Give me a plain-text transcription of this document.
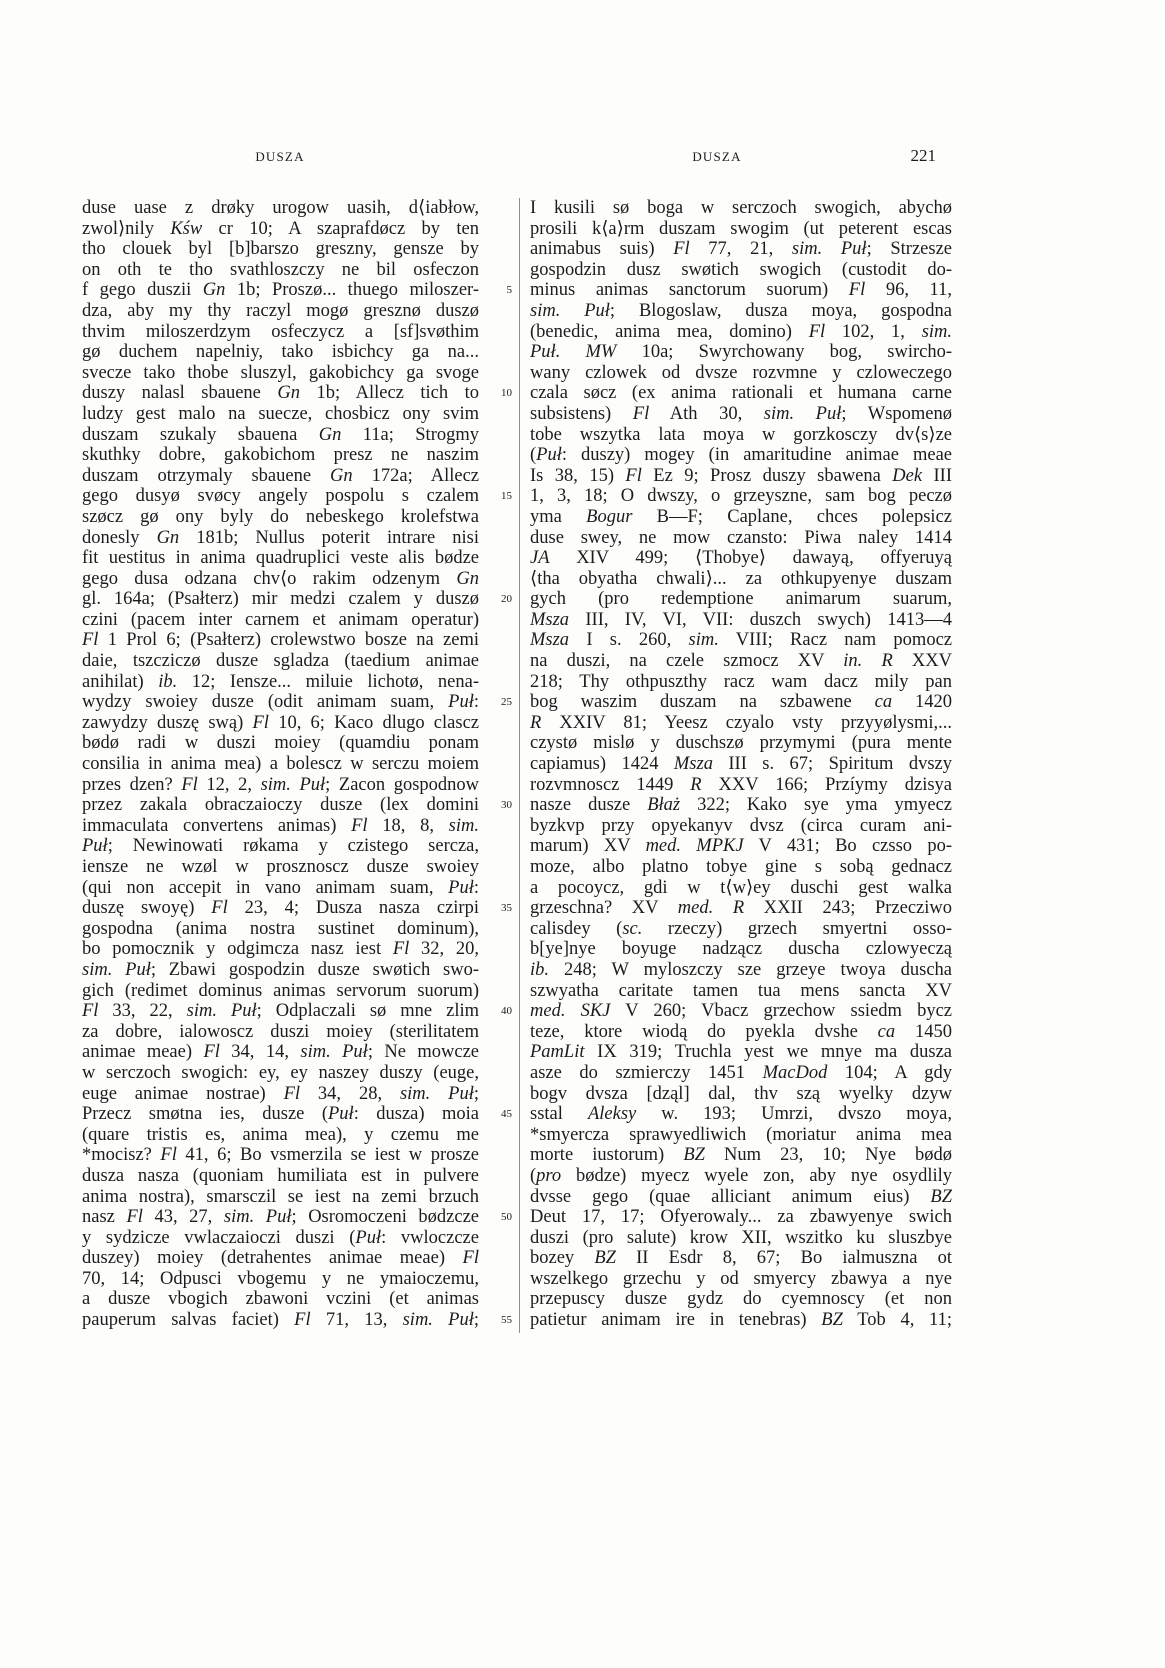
DUSZA	DUSZA	221
duse uase z drøky urogow uasih, d⟨iabłow,
zwol⟩nily Kśw cr 10; A szaprafdøcz by ten
tho clouek byl [b]barszo greszny, gensze by
on oth te tho svathloszczy ne bil osfeczon
f gego duszii Gn 1b; Proszø... thuego miloszer-
dza, aby my thy raczyl mogø gresznø duszø
thvim miloszerdzym osfeczycz a [sf]svøthim
gø duchem napelniy, tako isbichcy ga na...
svecze tako thobe sluszyl, gakobichcy ga svoge
duszy nalasl sbauene Gn 1b; Allecz tich to
ludzy gest malo na suecze, chosbicz ony svim
duszam szukaly sbauena Gn 11a; Strogmy
skuthky dobre, gakobichom presz ne naszim
duszam otrzymaly sbauene Gn 172a; Allecz
gego dusyø svøcy angely pospolu s czalem
szøcz gø ony byly do nebeskego krolefstwa
donesly Gn 181b; Nullus poterit intrare nisi
fit uestitus in anima quadruplici veste alis bødze
gego dusa odzana chv⟨o rakim odzenym Gn
gl. 164a; (Psałterz) mir medzi czalem y duszø
czini (pacem inter carnem et animam operatur)
Fl 1 Prol 6; (Psałterz) crolewstwo bosze na zemi
daie, tszcziczø dusze sgladza (taedium animae
anihilat) ib. 12; Iensze... miluie lichotø, nena-
wydzy swoiey dusze (odit animam suam, Puł:
zawydzy duszę swą) Fl 10, 6; Kaco dlugo clascz
bødø radi w duszi moiey (quamdiu ponam
consilia in anima mea) a bolescz w serczu moiem
przes dzen? Fl 12, 2, sim. Puł; Zacon gospodnow
przez zakala obraczaioczy dusze (lex domini
immaculata convertens animas) Fl 18, 8, sim.
Puł; Newinowati røkama y czistego sercza,
iensze ne wzøl w prosznoscz dusze swoiey
(qui non accepit in vano animam suam, Puł:
duszę swoyę) Fl 23, 4; Dusza nasza czirpi
gospodna (anima nostra sustinet dominum),
bo pomocznik y odgimcza nasz iest Fl 32, 20,
sim. Puł; Zbawi gospodzin dusze swøtich swo-
gich (redimet dominus animas servorum suorum)
Fl 33, 22, sim. Puł; Odplaczali sø mne zlim
za dobre, ialowoscz duszi moiey (sterilitatem
animae meae) Fl 34, 14, sim. Puł; Ne mowcze
w serczoch swogich: ey, ey naszey duszy (euge,
euge animae nostrae) Fl 34, 28, sim. Puł;
Przecz smøtna ies, dusze (Puł: dusza) moia
(quare tristis es, anima mea), y czemu me
*mocisz? Fl 41, 6; Bo vsmerzila se iest w prosze
dusza nasza (quoniam humiliata est in pulvere
anima nostra), smarsczil se iest na zemi brzuch
nasz Fl 43, 27, sim. Puł; Osromoczeni bødzcze
y sydzicze vwlaczaioczi duszi (Puł: vwloczcze
duszey) moiey (detrahentes animae meae) Fl
70, 14; Odpusci vbogemu y ne ymaioczemu,
a dusze vbogich zbawoni vczini (et animas
pauperum salvas faciet) Fl 71, 13, sim. Puł;
5
10
15
20
25
30
35
40
45
50
55
I kusili sø boga w serczoch swogich, abychø
prosili k⟨a⟩rm duszam swogim (ut peterent escas
animabus suis) Fl 77, 21, sim. Puł; Strzesze
gospodzin dusz swøtich swogich (custodit do-
minus animas sanctorum suorum) Fl 96, 11,
sim. Puł; Blogoslaw, dusza moya, gospodna
(benedic, anima mea, domino) Fl 102, 1, sim.
Puł. MW 10a; Swyrchowany bog, swircho-
wany czlowek od dvsze rozvmne y czloweczego
czala søcz (ex anima rationali et humana carne
subsistens) Fl Ath 30, sim. Puł; Wspomenø
tobe wszytka lata moya w gorzkosczy dv⟨s⟩ze
(Puł: duszy) mogey (in amaritudine animae meae
Is 38, 15) Fl Ez 9; Prosz duszy sbawena Dek III
1, 3, 18; O dwszy, o grzeyszne, sam bog peczø
yma Bogur B—F; Caplane, chces polepsicz
duse swey, ne mow czansto: Piwa naley 1414
JA XIV 499; ⟨Thobye⟩ dawayą, offyeruyą
⟨tha obyatha chwali⟩... za othkupyenye duszam
gych (pro redemptione animarum suarum,
Msza III, IV, VI, VII: duszch swych) 1413—4
Msza I s. 260, sim. VIII; Racz nam pomocz
na duszi, na czele szmocz XV in. R XXV
218; Thy othpuszthy racz wam dacz mily pan
bog waszim duszam na szbawene ca 1420
R XXIV 81; Yeesz czyalo vsty przyyølysmi,...
czystø mislø y duschszø przymymi (pura mente
capiamus) 1424 Msza III s. 67; Spiritum dvszy
rozvmnoscz 1449 R XXV 166; Przíymy dzisya
nasze dusze Błaż 322; Kako sye yma ymyecz
byzkvp przy opyekanyv dvsz (circa curam ani-
marum) XV med. MPKJ V 431; Bo czsso po-
moze, albo platno tobye gine s sobą gednacz
a pocoycz, gdi w t⟨w⟩ey duschi gest walka
grzeschna? XV med. R XXII 243; Przecziwo
calisdey (sc. rzeczy) grzech smyertni osso-
b[ye]nye boyuge nadzącz duscha czlowyeczą
ib. 248; W myloszczy sze grzeye twoya duscha
szwyatha caritate tamen tua mens sancta XV
med. SKJ V 260; Vbacz grzechow ssiedm bycz
teze, ktore wiodą do pyekla dvshe ca 1450
PamLit IX 319; Truchla yest we mnye ma dusza
asze do szmierczy 1451 MacDod 104; A gdy
bogv dvsza [dząl] dal, thv szą wyelky dzyw
sstal Aleksy w. 193; Umrzi, dvszo moya,
*smyercza sprawyedliwich (moriatur anima mea
morte iustorum) BZ Num 23, 10; Nye bødø
(pro bødze) myecz wyele zon, aby nye osydlily
dvsse gego (quae alliciant animum eius) BZ
Deut 17, 17; Ofyerowaly... za zbawyenye swich
duszi (pro salute) krow XII, wszitko ku sluszbye
bozey BZ II Esdr 8, 67; Bo ialmuszna ot
wszelkego grzechu y od smyercy zbawya a nye
przepuscy dusze gydz do cyemnoscy (et non
patietur animam ire in tenebras) BZ Tob 4, 11;
